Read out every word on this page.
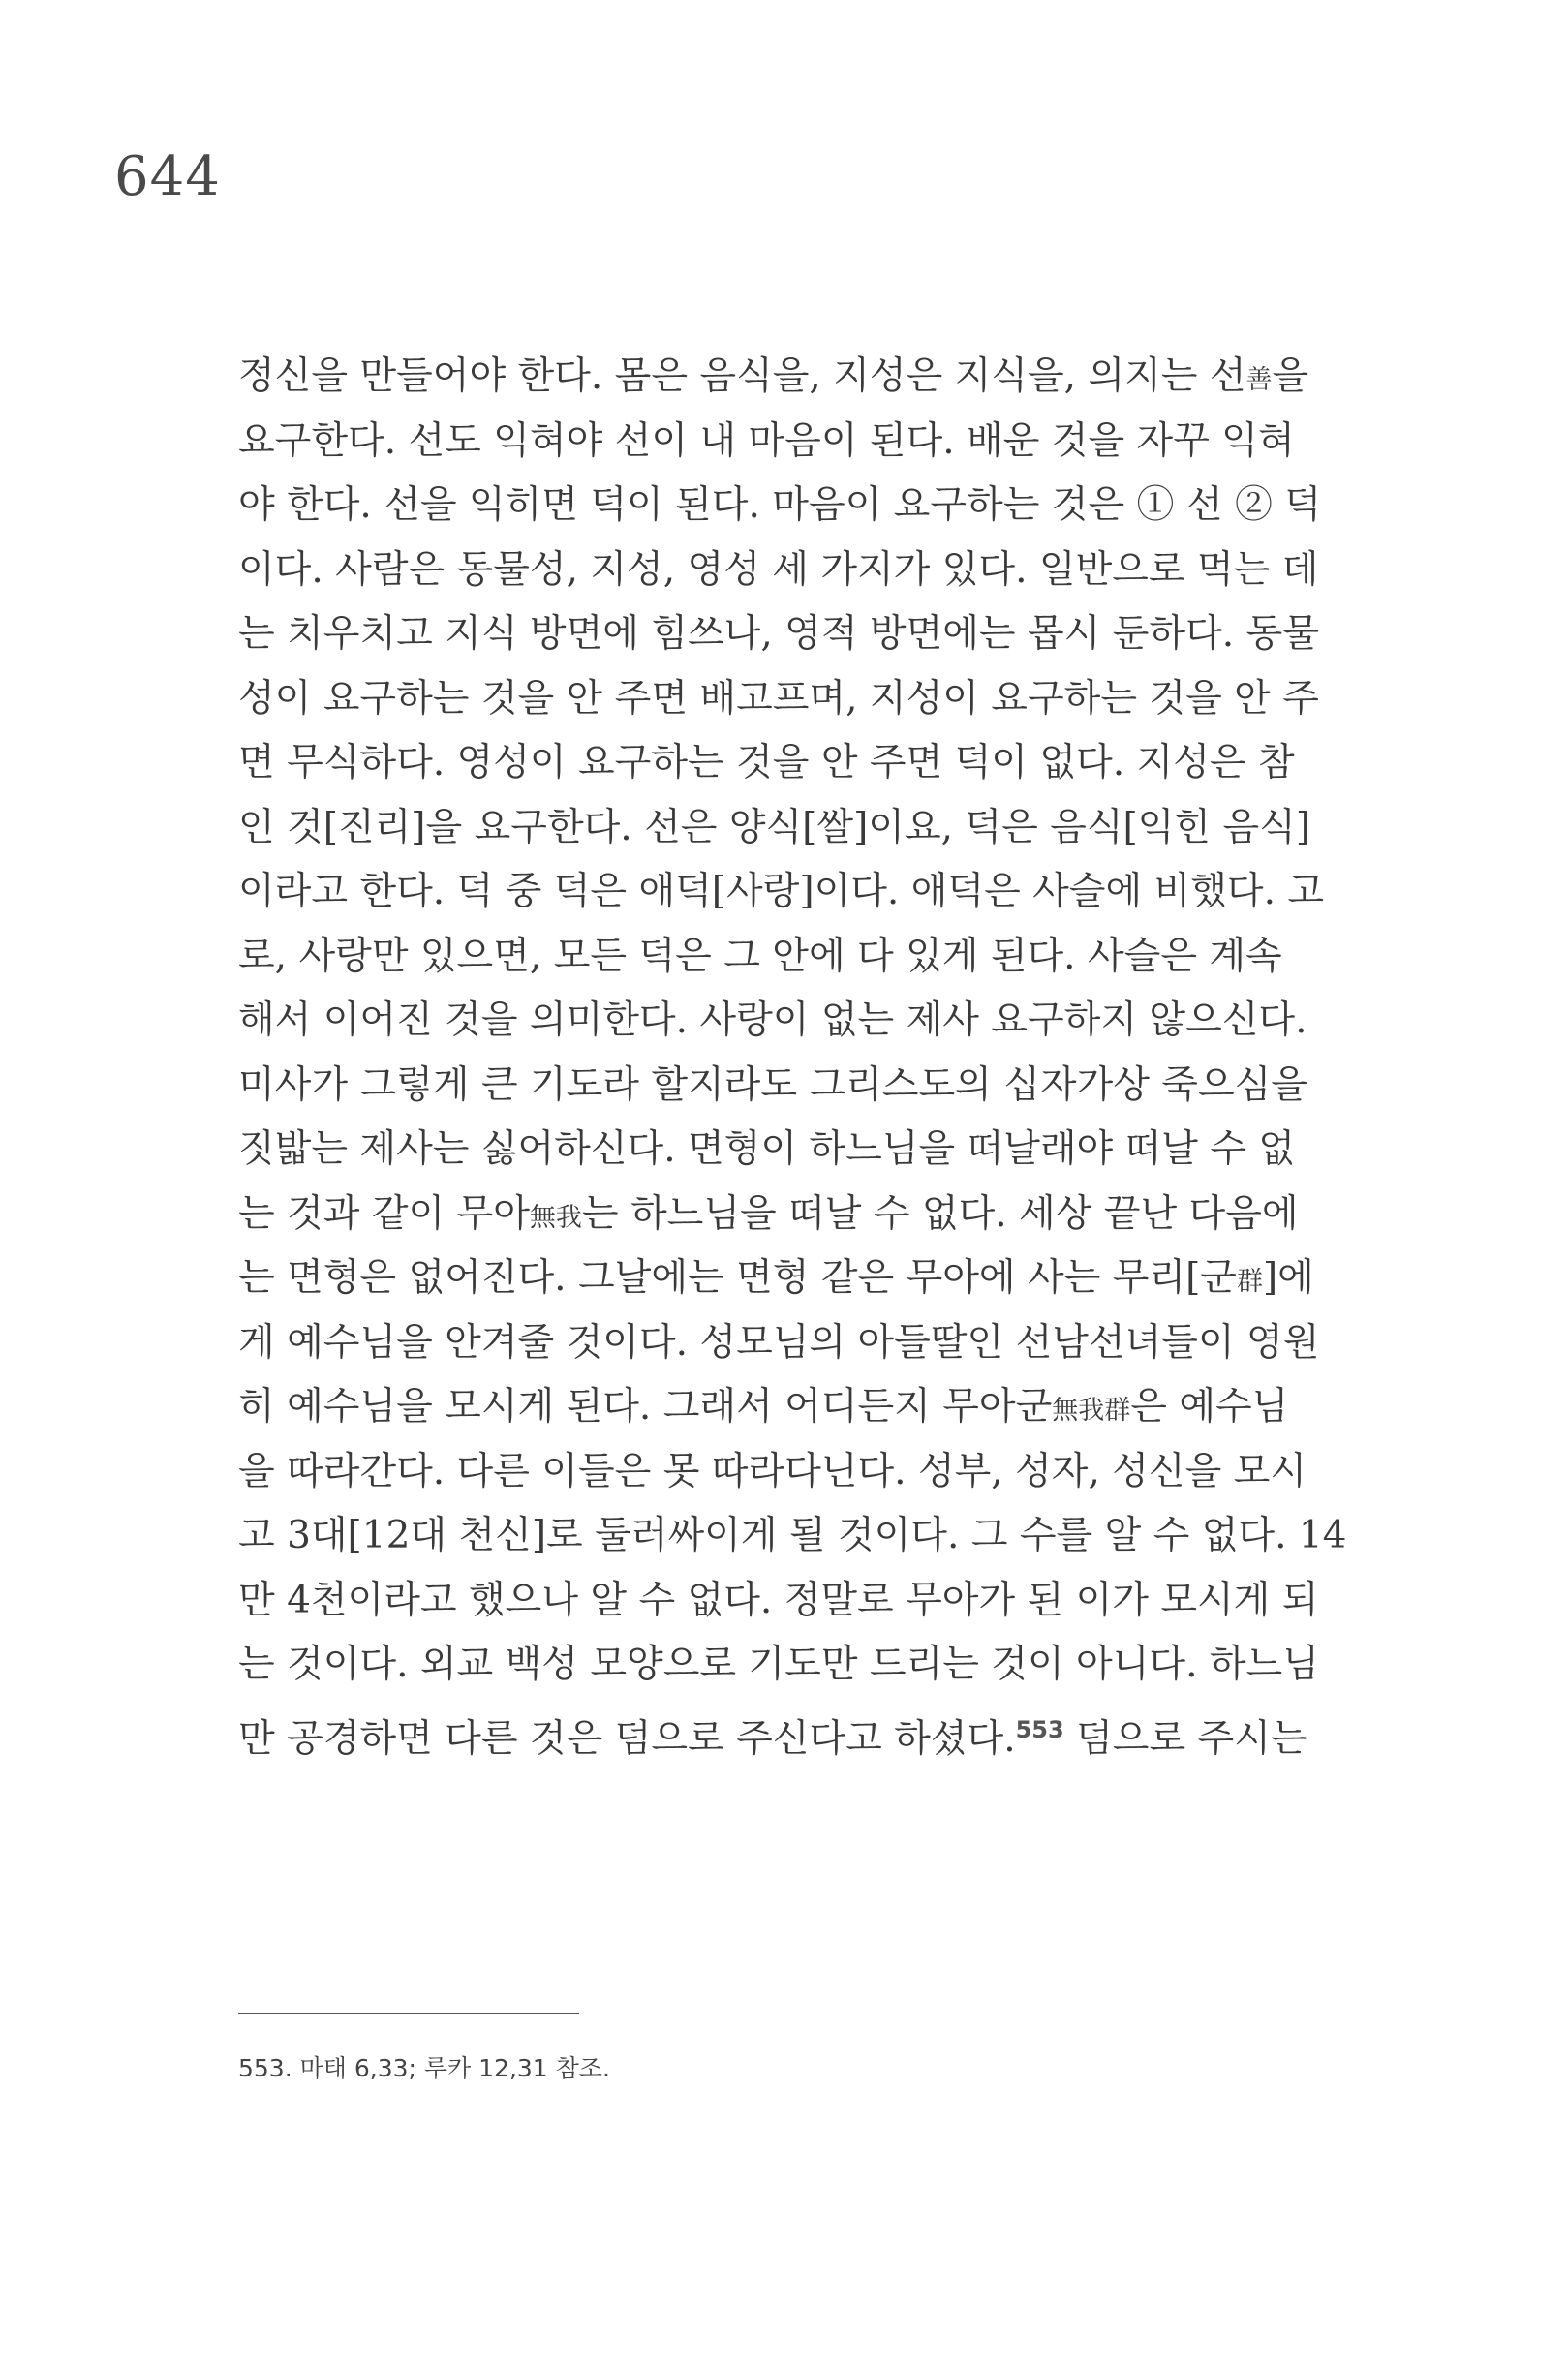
644
정신을 만들어야 한다. 몸은 음식을, 지성은 지식을, 의지는 선善을
요구한다. 선도 익혀야 선이 내 마음이 된다. 배운 것을 자꾸 익혀
야 한다. 선을 익히면 덕이 된다. 마음이 요구하는 것은 ① 선 ② 덕
이다. 사람은 동물성, 지성, 영성 세 가지가 있다. 일반으로 먹는 데
는 치우치고 지식 방면에 힘쓰나, 영적 방면에는 몹시 둔하다. 동물
성이 요구하는 것을 안 주면 배고프며, 지성이 요구하는 것을 안 주
면 무식하다. 영성이 요구하는 것을 안 주면 덕이 없다. 지성은 참
인 것[진리]을 요구한다. 선은 양식[쌀]이요, 덕은 음식[익힌 음식]
이라고 한다. 덕 중 덕은 애덕[사랑]이다. 애덕은 사슬에 비했다. 고
로, 사랑만 있으면, 모든 덕은 그 안에 다 있게 된다. 사슬은 계속
해서 이어진 것을 의미한다. 사랑이 없는 제사 요구하지 않으신다.
미사가 그렇게 큰 기도라 할지라도 그리스도의 십자가상 죽으심을
짓밟는 제사는 싫어하신다. 면형이 하느님을 떠날래야 떠날 수 없
는 것과 같이 무아無我는 하느님을 떠날 수 없다. 세상 끝난 다음에
는 면형은 없어진다. 그날에는 면형 같은 무아에 사는 무리[군群]에
게 예수님을 안겨줄 것이다. 성모님의 아들딸인 선남선녀들이 영원
히 예수님을 모시게 된다. 그래서 어디든지 무아군無我群은 예수님
을 따라간다. 다른 이들은 못 따라다닌다. 성부, 성자, 성신을 모시
고 3대[12대 천신]로 둘러싸이게 될 것이다. 그 수를 알 수 없다. 14
만 4천이라고 했으나 알 수 없다. 정말로 무아가 된 이가 모시게 되
는 것이다. 외교 백성 모양으로 기도만 드리는 것이 아니다. 하느님
만 공경하면 다른 것은 덤으로 주신다고 하셨다.$^{553}$ 덤으로 주시는
553. 마태 6,33; 루카 12,31 참조.
